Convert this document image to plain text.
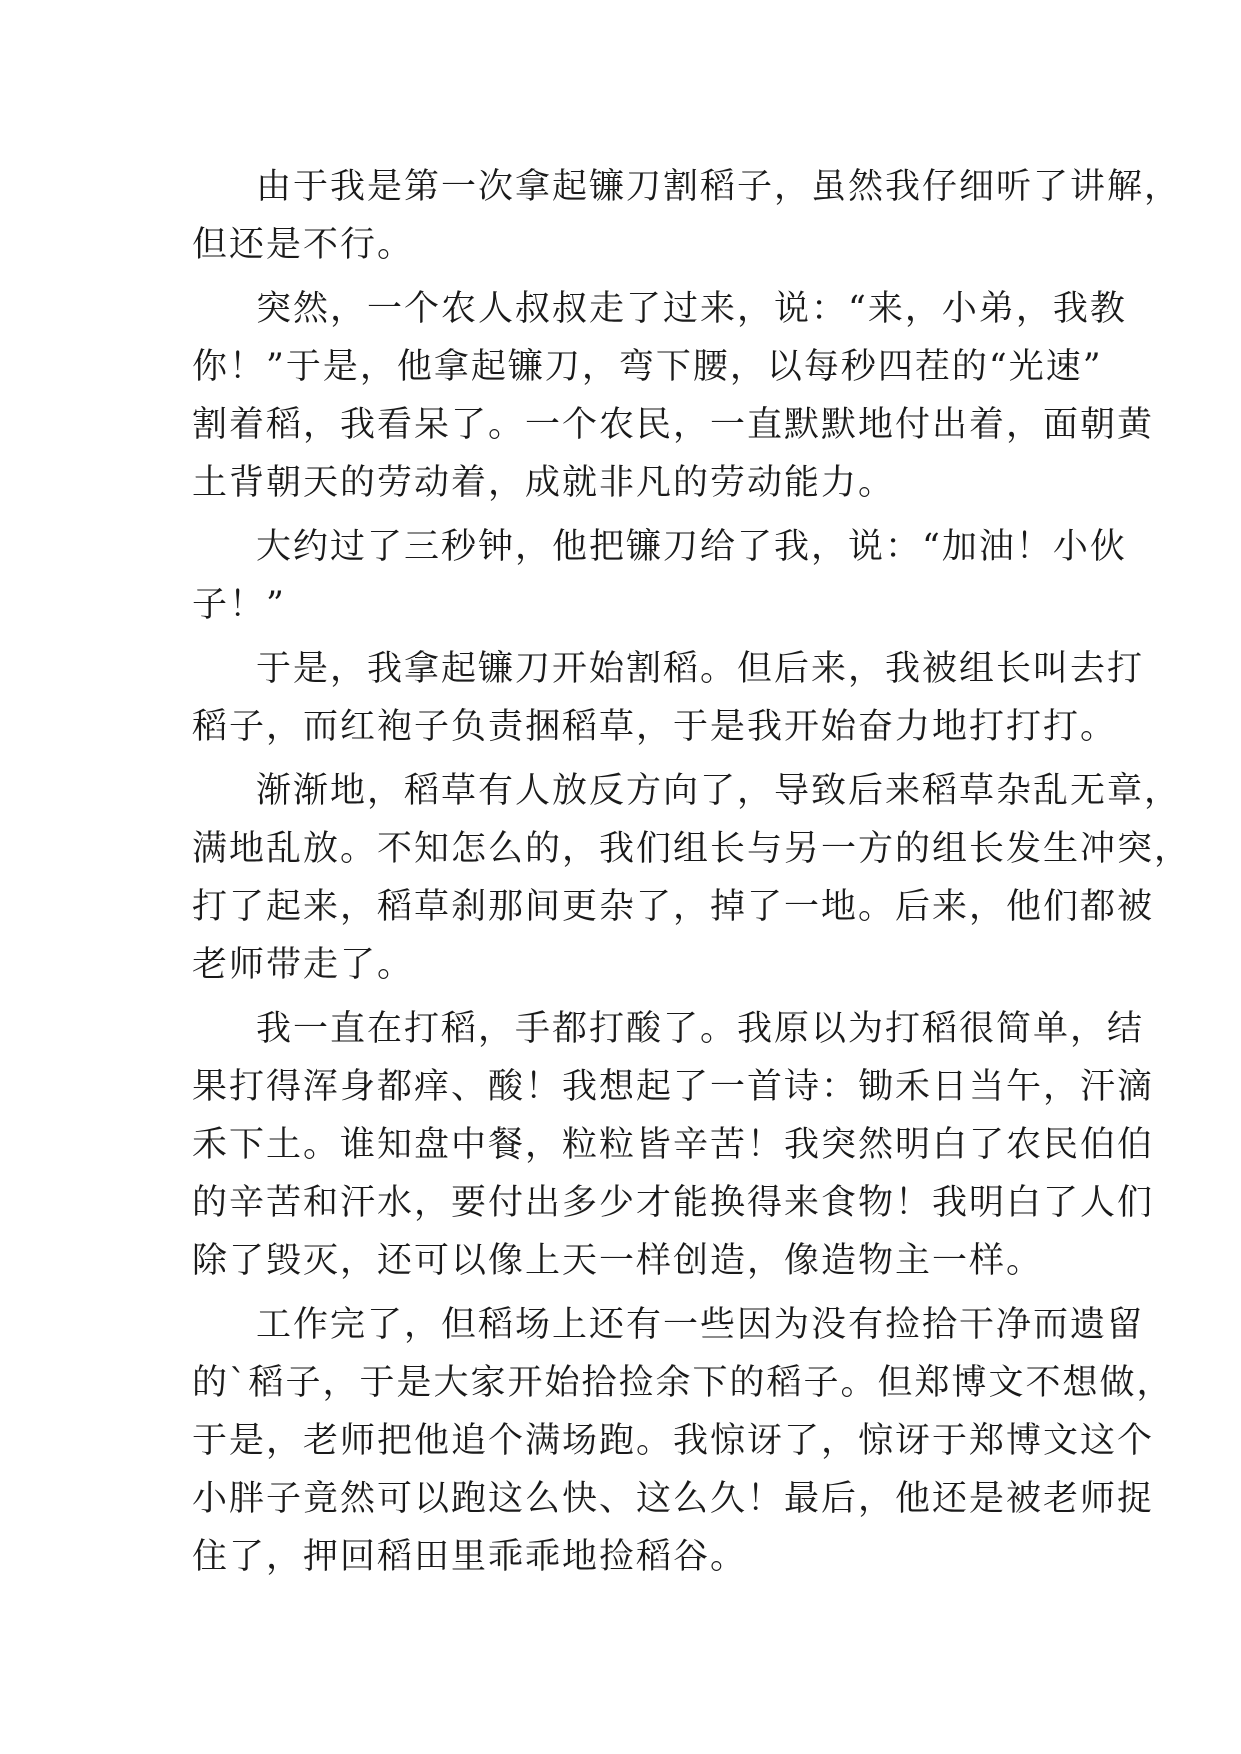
由于我是第一次拿起镰刀割稻子，虽然我仔细听了讲解，
但还是不行。
突然，一个农人叔叔走了过来，说：“来，小弟，我教
你！”于是，他拿起镰刀，弯下腰，以每秒四茬的“光速”
割着稻，我看呆了。一个农民，一直默默地付出着，面朝黄
土背朝天的劳动着，成就非凡的劳动能力。
大约过了三秒钟，他把镰刀给了我，说：“加油！小伙
子！”
于是，我拿起镰刀开始割稻。但后来，我被组长叫去打
稻子，而红袍子负责捆稻草，于是我开始奋力地打打打。
渐渐地，稻草有人放反方向了，导致后来稻草杂乱无章，
满地乱放。不知怎么的，我们组长与另一方的组长发生冲突，
打了起来，稻草刹那间更杂了，掉了一地。后来，他们都被
老师带走了。
我一直在打稻，手都打酸了。我原以为打稻很简单，结
果打得浑身都痒、酸！我想起了一首诗：锄禾日当午，汗滴
禾下土。谁知盘中餐，粒粒皆辛苦！我突然明白了农民伯伯
的辛苦和汗水，要付出多少才能换得来食物！我明白了人们
除了毁灭，还可以像上天一样创造，像造物主一样。
工作完了，但稻场上还有一些因为没有捡拾干净而遗留
的`稻子，于是大家开始拾捡余下的稻子。但郑博文不想做，
于是，老师把他追个满场跑。我惊讶了，惊讶于郑博文这个
小胖子竟然可以跑这么快、这么久！最后，他还是被老师捉
住了，押回稻田里乖乖地捡稻谷。
